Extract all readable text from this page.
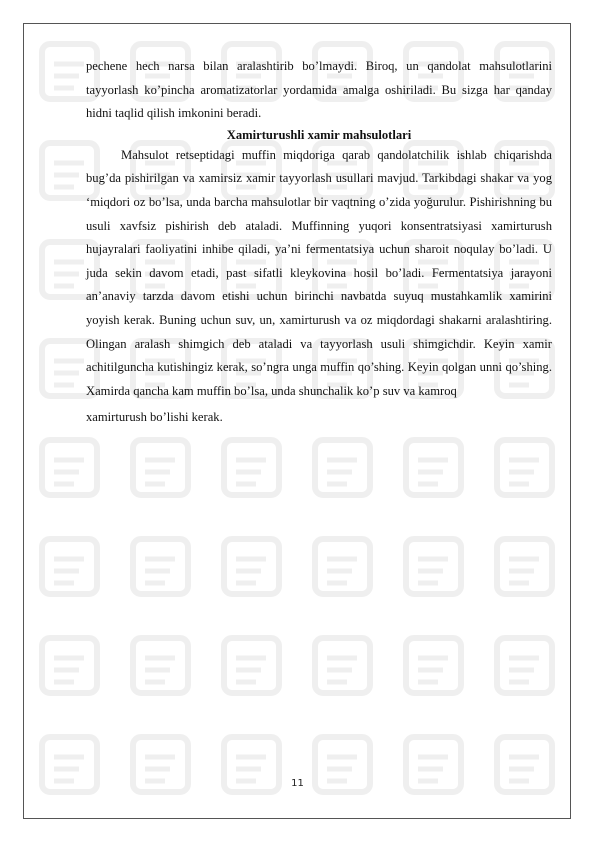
pechene hech narsa bilan aralashtirib bo’lmaydi. Biroq, un qandolat mahsulotlarini tayyorlash ko’pincha aromatizatorlar yordamida amalga oshiriladi. Bu sizga har qanday hidni taqlid qilish imkonini beradi.

Xamirturushli xamir mahsulotlari

Mahsulot retseptidagi muffin miqdoriga qarab qandolatchilik ishlab chiqarishda bug’da pishirilgan va xamirsiz xamir tayyorlash usullari mavjud. Tarkibdagi shakar va yog ‘miqdori oz bo’lsa, unda barcha mahsulotlar bir vaqtning o’zida yoğurulur. Pishirishning bu usuli xavfsiz pishirish deb ataladi. Muffinning yuqori konsentratsiyasi xamirturush hujayralari faoliyatini inhibe qiladi, ya’ni fermentatsiya uchun sharoit noqulay bo’ladi. U juda sekin davom etadi, past sifatli kleykovina hosil bo’ladi. Fermentatsiya jarayoni an’anaviy tarzda davom etishi uchun birinchi navbatda suyuq mustahkamlik xamirini yoyish kerak. Buning uchun suv, un, xamirturush va oz miqdordagi shakarni aralashtiring. Olingan aralash shimgich deb ataladi va tayyorlash usuli shimgichdir. Keyin xamir achitilguncha kutishingiz kerak, so’ngra unga muffin qo’shing. Keyin qolgan unni qo’shing. Xamirda qancha kam muffin bo’lsa, unda shunchalik ko’p suv va kamroq

xamirturush bo’lishi kerak.

11
